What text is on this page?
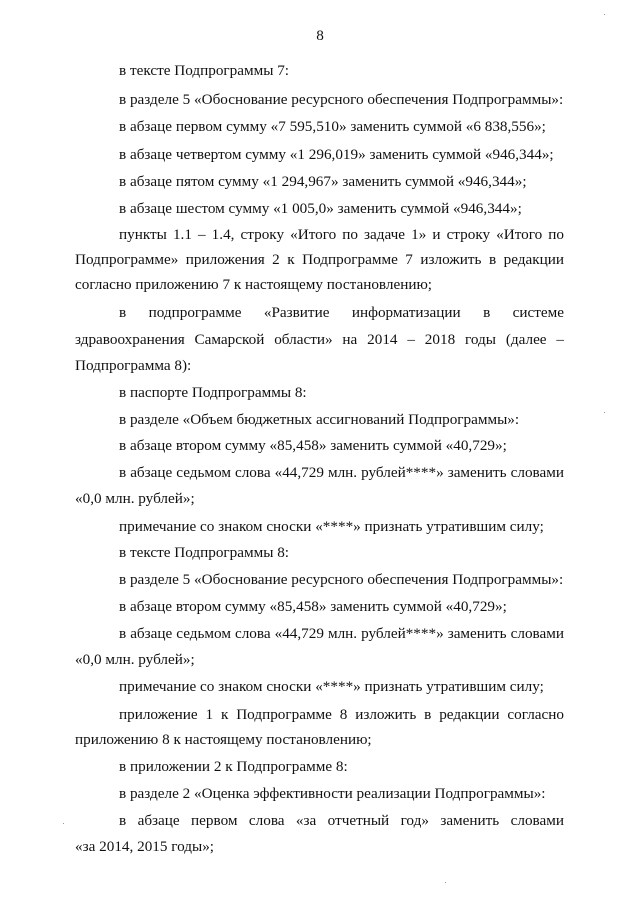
8
в тексте Подпрограммы 7:
в разделе 5 «Обоснование ресурсного обеспечения Подпрограммы»:
в абзаце первом сумму «7 595,510» заменить суммой «6 838,556»;
в абзаце четвертом сумму «1 296,019» заменить суммой «946,344»;
в абзаце пятом сумму «1 294,967» заменить суммой «946,344»;
в абзаце шестом сумму «1 005,0» заменить суммой «946,344»;
пункты 1.1 – 1.4, строку «Итого по задаче 1» и строку «Итого по
Подпрограмме» приложения 2 к Подпрограмме 7 изложить в редакции
согласно приложению 7 к настоящему постановлению;
в подпрограмме «Развитие информатизации в системе
здравоохранения Самарской области» на 2014 – 2018 годы (далее –
Подпрограмма 8):
в паспорте Подпрограммы 8:
в разделе «Объем бюджетных ассигнований Подпрограммы»:
в абзаце втором сумму «85,458» заменить суммой «40,729»;
в абзаце седьмом слова «44,729 млн. рублей****» заменить словами
«0,0 млн. рублей»;
примечание со знаком сноски «****» признать утратившим силу;
в тексте Подпрограммы 8:
в разделе 5 «Обоснование ресурсного обеспечения Подпрограммы»:
в абзаце втором сумму «85,458» заменить суммой «40,729»;
в абзаце седьмом слова «44,729 млн. рублей****» заменить словами
«0,0 млн. рублей»;
примечание со знаком сноски «****» признать утратившим силу;
приложение 1 к Подпрограмме 8 изложить в редакции согласно
приложению 8 к настоящему постановлению;
в приложении 2 к Подпрограмме 8:
в разделе 2 «Оценка эффективности реализации Подпрограммы»:
в абзаце первом слова «за отчетный год» заменить словами
«за 2014, 2015 годы»;
